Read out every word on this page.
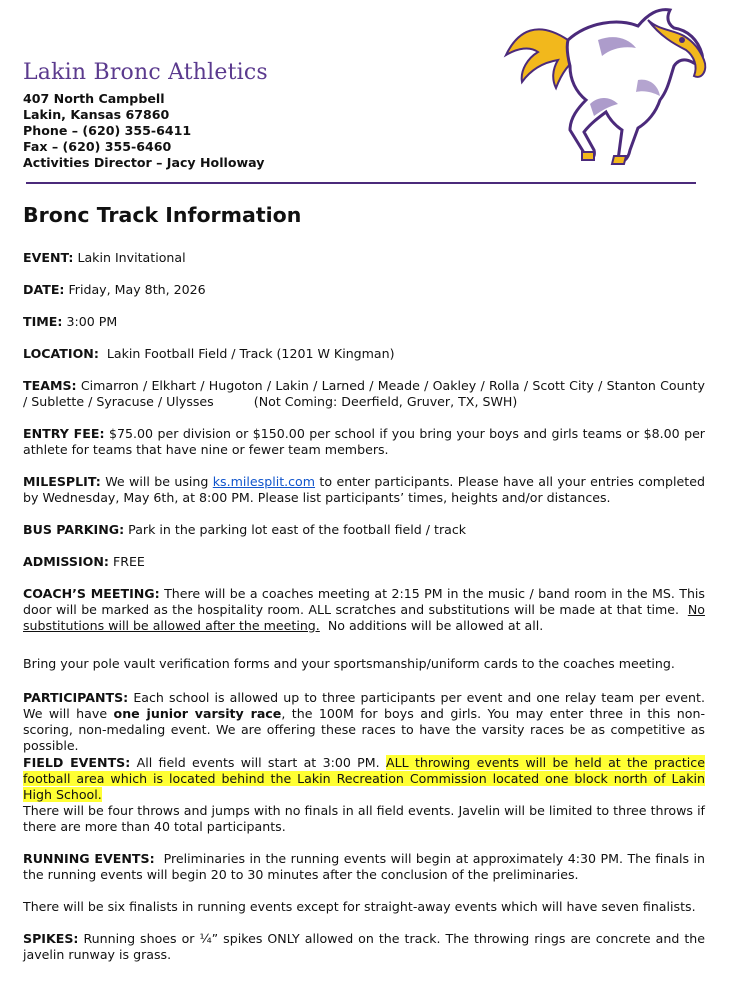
Lakin Bronc Athletics
407 North Campbell
Lakin, Kansas 67860
Phone – (620) 355-6411
Fax – (620) 355-6460
Activities Director – Jacy Holloway
Bronc Track Information

EVENT: Lakin Invitational

DATE: Friday, May 8th, 2026

TIME: 3:00 PM

LOCATION: Lakin Football Field / Track (1201 W Kingman)

TEAMS: Cimarron / Elkhart / Hugoton / Lakin / Larned / Meade / Oakley / Rolla / Scott City / Stanton County / Sublette / Syracuse / Ulysses	(Not Coming: Deerfield, Gruver, TX, SWH)

ENTRY FEE: $75.00 per division or $150.00 per school if you bring your boys and girls teams or $8.00 per athlete for teams that have nine or fewer team members.

MILESPLIT: We will be using ks.milesplit.com to enter participants. Please have all your entries completed by Wednesday, May 6th, at 8:00 PM. Please list participants’ times, heights and/or distances.

BUS PARKING: Park in the parking lot east of the football field / track

ADMISSION: FREE

COACH’S MEETING: There will be a coaches meeting at 2:15 PM in the music / band room in the MS. This door will be marked as the hospitality room. ALL scratches and substitutions will be made at that time. No substitutions will be allowed after the meeting. No additions will be allowed at all.

Bring your pole vault verification forms and your sportsmanship/uniform cards to the coaches meeting.

PARTICIPANTS: Each school is allowed up to three participants per event and one relay team per event. We will have one junior varsity race, the 100M for boys and girls. You may enter three in this non-scoring, non-medaling event. We are offering these races to have the varsity races be as competitive as possible.

FIELD EVENTS: All field events will start at 3:00 PM. ALL throwing events will be held at the practice football area which is located behind the Lakin Recreation Commission located one block north of Lakin High School.

There will be four throws and jumps with no finals in all field events. Javelin will be limited to three throws if there are more than 40 total participants.

RUNNING EVENTS: Preliminaries in the running events will begin at approximately 4:30 PM. The finals in the running events will begin 20 to 30 minutes after the conclusion of the preliminaries.

There will be six finalists in running events except for straight-away events which will have seven finalists.

SPIKES: Running shoes or ¼” spikes ONLY allowed on the track. The throwing rings are concrete and the javelin runway is grass.
